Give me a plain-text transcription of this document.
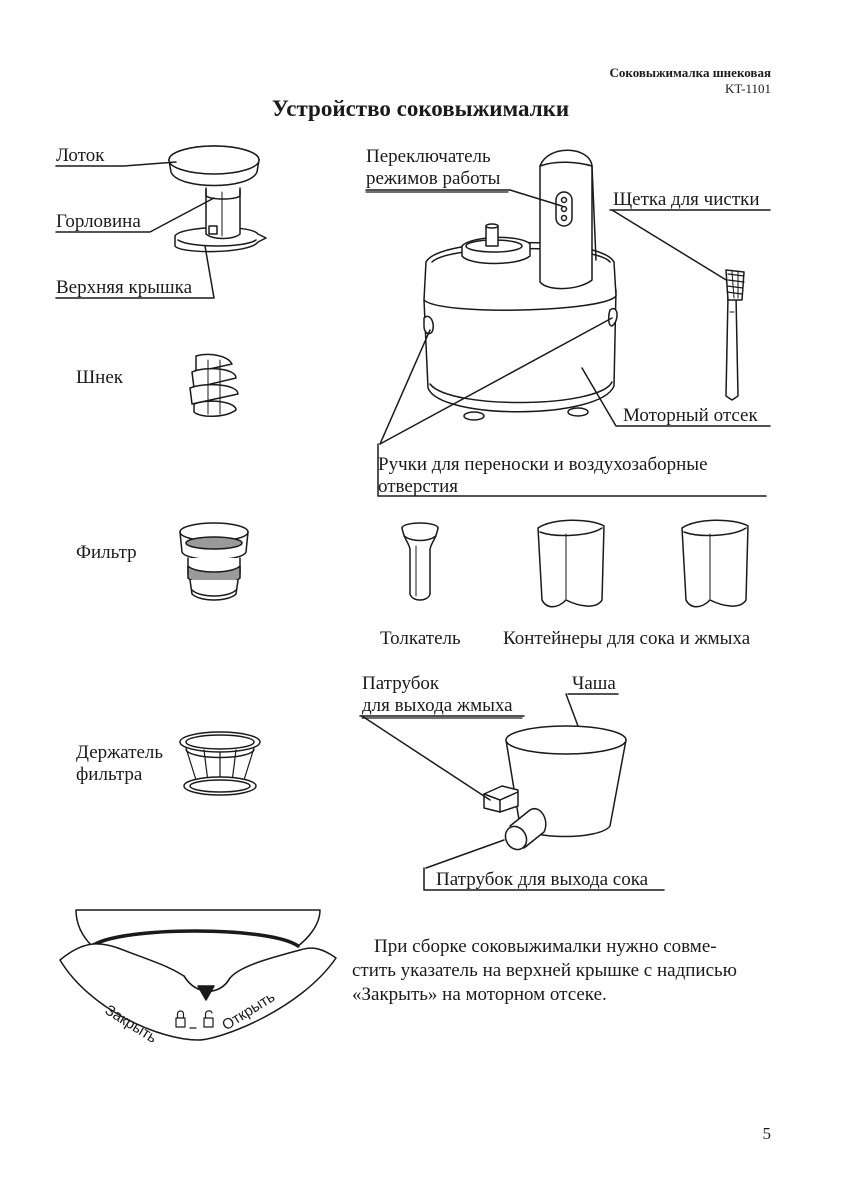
Соковыжималка шнековая
KT-1101
Устройство соковыжималки
Лоток
Горловина
Верхняя крышка
Шнек
Фильтр
Держатель
фильтра
Переключатель
режимов работы
Щетка для чистки
Моторный отсек
Ручки для переноски и воздухозаборные
отверстия
Толкатель Контейнеры для сока и жмыха
Патрубок
для выхода жмыха
Чаша
Патрубок для выхода сока
Закрыть	Открыть
При сборке соковыжималки нужно совме-
стить указатель на верхней крышке с надписью
«Закрыть» на моторном отсеке.
5
